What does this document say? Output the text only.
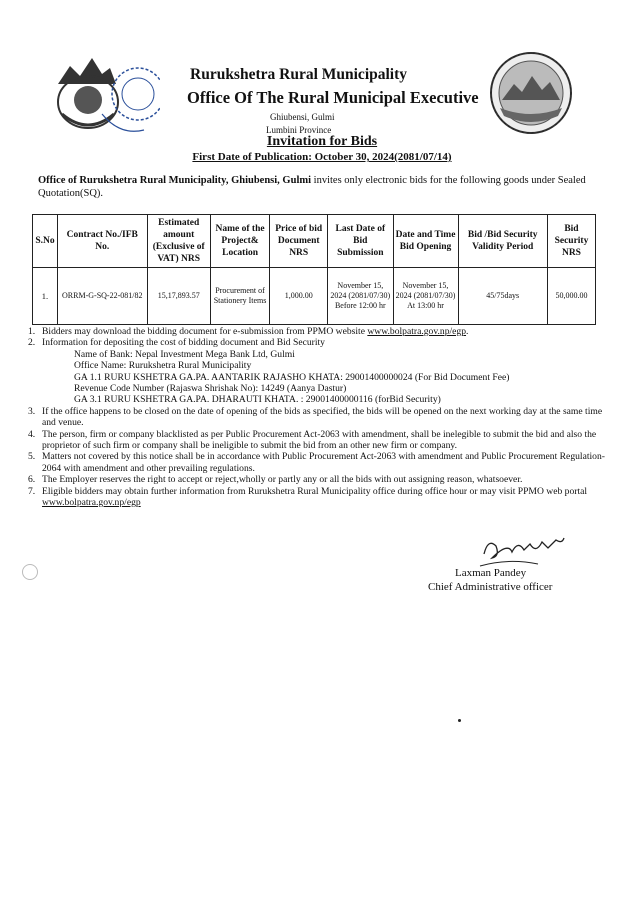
Rurukshetra Rural Municipality
Office Of The Rural Municipal Executive
Ghiubensi, Gulmi
Lumbini Province
Invitation for Bids
First Date of Publication: October 30, 2024(2081/07/14)
Office of Rurukshetra Rural Municipality, Ghiubensi, Gulmi invites only electronic bids for the following goods under Sealed Quotation(SQ).
S.No	Contract No./IFB No.	Estimated amount (Exclusive of VAT) NRS	Name of the Project& Location	Price of bid Document NRS	Last Date of Bid Submission	Date and Time Bid Opening	Bid /Bid Security Validity Period	Bid Security NRS
1.	ORRM-G-SQ-22-081/82	15,17,893.57	Procurement of Stationery Items	1,000.00	November 15, 2024 (2081/07/30) Before 12:00 hr	November 15, 2024 (2081/07/30) At 13:00 hr	45/75days	50,000.00
1. Bidders may download the bidding document for e-submission from PPMO website www.bolpatra.gov.np/egp.
2. Information for depositing the cost of bidding document and Bid Security
Name of Bank: Nepal Investment Mega Bank Ltd, Gulmi
Office Name: Rurukshetra Rural Municipality
GA 1.1 RURU KSHETRA GA.PA. AANTARIK RAJASHO KHATA: 29001400000024 (For Bid Document Fee)
Revenue Code Number (Rajaswa Shrishak No): 14249 (Aanya Dastur)
GA 3.1 RURU KSHETRA GA.PA. DHARAUTI KHATA. : 29001400000116 (forBid Security)
3. If the office happens to be closed on the date of opening of the bids as specified, the bids will be opened on the next working day at the same time and venue.
4. The person, firm or company blacklisted as per Public Procurement Act-2063 with amendment, shall be inelegible to submit the bid and also the proprietor of such firm or company shall be ineligible to submit the bid from an other new firm or company.
5. Matters not covered by this notice shall be in accordance with Public Procurement Act-2063 with amendment and Public Procurement Regulation-2064 with amendment and other prevailing regulations.
6. The Employer reserves the right to accept or reject,wholly or partly any or all the bids with out assigning reason, whatsoever.
7. Eligible bidders may obtain further information from Rurukshetra Rural Municipality office during office hour or may visit PPMO web portal www.bolpatra.gov.np/egp
Laxman Pandey
Chief Administrative officer
